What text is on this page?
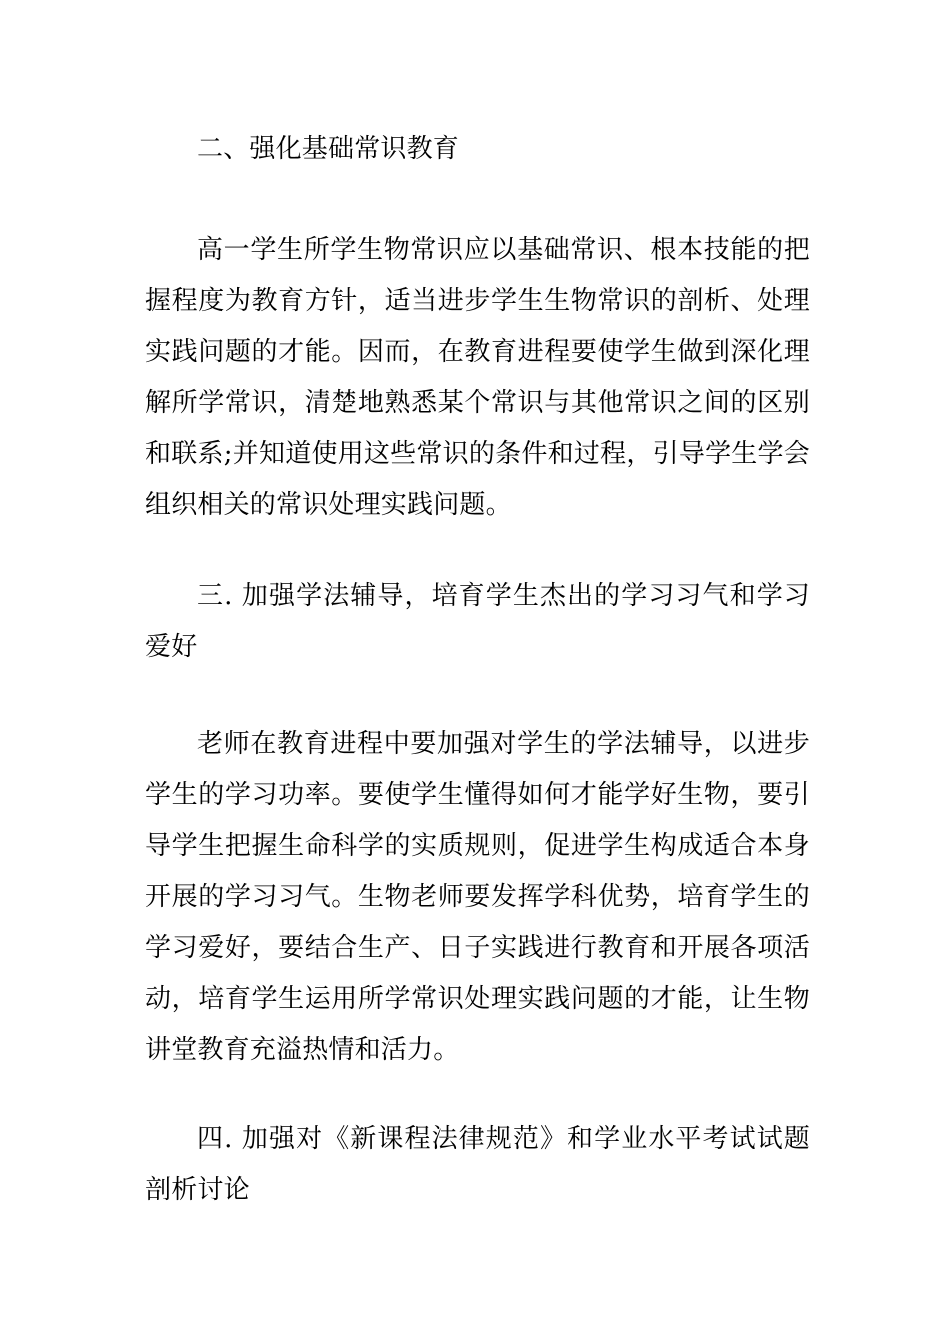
二、强化基础常识教育

高一学生所学生物常识应以基础常识、根本技能的把握程度为教育方针，适当进步学生生物常识的剖析、处理实践问题的才能。因而，在教育进程要使学生做到深化理解所学常识，清楚地熟悉某个常识与其他常识之间的区别和联系;并知道使用这些常识的条件和过程，引导学生学会组织相关的常识处理实践问题。

三. 加强学法辅导，培育学生杰出的学习习气和学习爱好

老师在教育进程中要加强对学生的学法辅导，以进步学生的学习功率。要使学生懂得如何才能学好生物，要引导学生把握生命科学的实质规则，促进学生构成适合本身开展的学习习气。生物老师要发挥学科优势，培育学生的学习爱好，要结合生产、日子实践进行教育和开展各项活动，培育学生运用所学常识处理实践问题的才能，让生物讲堂教育充溢热情和活力。

四. 加强对《新课程法律规范》和学业水平考试试题剖析讨论
